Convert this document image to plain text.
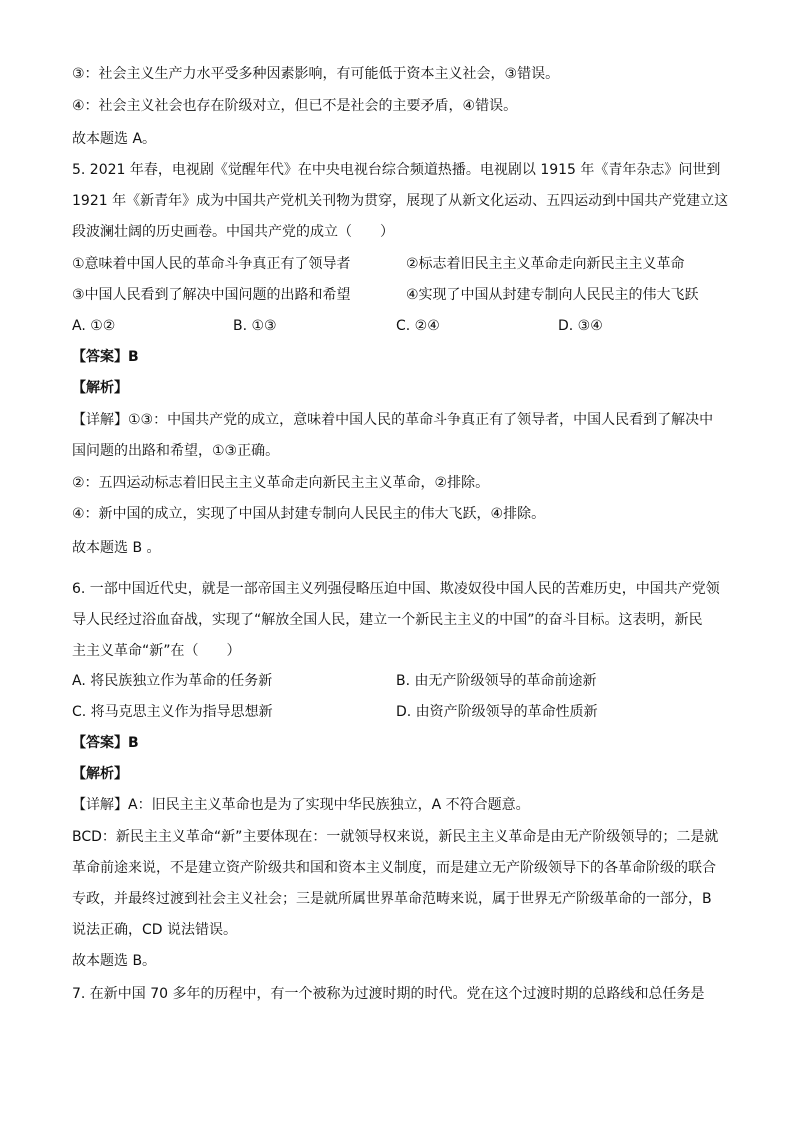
③：社会主义生产力水平受多种因素影响，有可能低于资本主义社会，③错误。
④：社会主义社会也存在阶级对立，但已不是社会的主要矛盾，④错误。
故本题选 A。
5. 2021 年春，电视剧《觉醒年代》在中央电视台综合频道热播。电视剧以 1915 年《青年杂志》问世到
1921 年《新青年》成为中国共产党机关刊物为贯穿，展现了从新文化运动、五四运动到中国共产党建立这
段波澜壮阔的历史画卷。中国共产党的成立（　　）
①意味着中国人民的革命斗争真正有了领导者	②标志着旧民主主义革命走向新民主主义革命
③中国人民看到了解决中国问题的出路和希望	④实现了中国从封建专制向人民民主的伟大飞跃
A. ①②	B. ①③	C. ②④	D. ③④
【答案】B
【解析】
【详解】①③：中国共产党的成立，意味着中国人民的革命斗争真正有了领导者，中国人民看到了解决中
国问题的出路和希望，①③正确。
②：五四运动标志着旧民主主义革命走向新民主主义革命，②排除。
④：新中国的成立，实现了中国从封建专制向人民民主的伟大飞跃，④排除。
故本题选 B 。
6. 一部中国近代史，就是一部帝国主义列强侵略压迫中国、欺凌奴役中国人民的苦难历史，中国共产党领
导人民经过浴血奋战，实现了“解放全国人民，建立一个新民主主义的中国”的奋斗目标。这表明，新民
主主义革命“新”在（　　）
A. 将民族独立作为革命的任务新	B. 由无产阶级领导的革命前途新
C. 将马克思主义作为指导思想新	D. 由资产阶级领导的革命性质新
【答案】B
【解析】
【详解】A：旧民主主义革命也是为了实现中华民族独立，A 不符合题意。
BCD：新民主主义革命“新”主要体现在：一就领导权来说，新民主主义革命是由无产阶级领导的；二是就
革命前途来说，不是建立资产阶级共和国和资本主义制度，而是建立无产阶级领导下的各革命阶级的联合
专政，并最终过渡到社会主义社会；三是就所属世界革命范畴来说，属于世界无产阶级革命的一部分，B
说法正确，CD 说法错误。
故本题选 B。
7. 在新中国 70 多年的历程中，有一个被称为过渡时期的时代。党在这个过渡时期的总路线和总任务是
